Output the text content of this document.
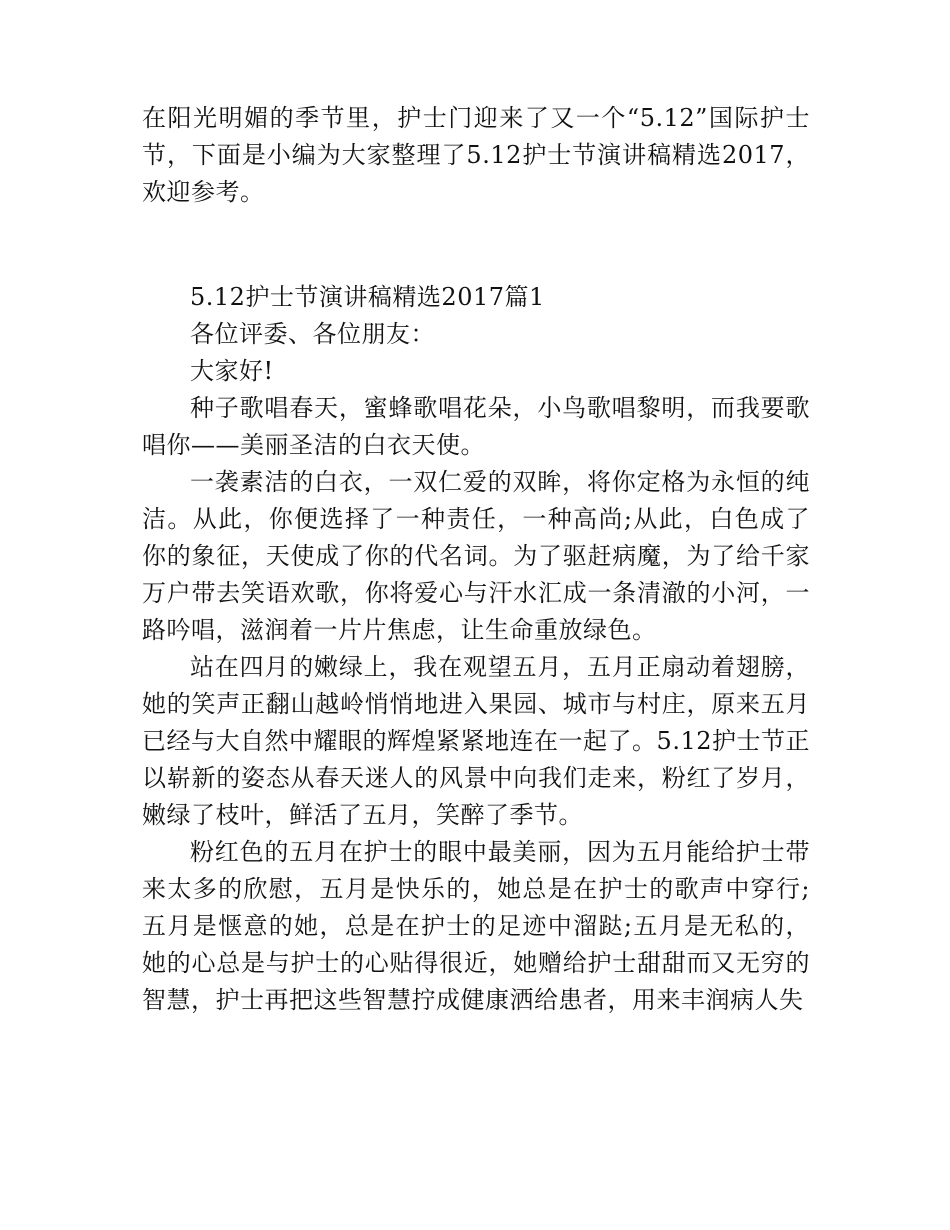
在阳光明媚的季节里，护士门迎来了又一个“5.12”国际护士节，下面是小编为大家整理了5.12护士节演讲稿精选2017，欢迎参考。

5.12护士节演讲稿精选2017篇1

各位评委、各位朋友：

大家好!

种子歌唱春天，蜜蜂歌唱花朵，小鸟歌唱黎明，而我要歌唱你——美丽圣洁的白衣天使。

一袭素洁的白衣，一双仁爱的双眸，将你定格为永恒的纯洁。从此，你便选择了一种责任，一种高尚;从此，白色成了你的象征，天使成了你的代名词。为了驱赶病魔，为了给千家万户带去笑语欢歌，你将爱心与汗水汇成一条清澈的小河，一路吟唱，滋润着一片片焦虑，让生命重放绿色。

站在四月的嫩绿上，我在观望五月，五月正扇动着翅膀，她的笑声正翻山越岭悄悄地进入果园、城市与村庄，原来五月已经与大自然中耀眼的辉煌紧紧地连在一起了。5.12护士节正以崭新的姿态从春天迷人的风景中向我们走来，粉红了岁月，嫩绿了枝叶，鲜活了五月，笑醉了季节。

粉红色的五月在护士的眼中最美丽，因为五月能给护士带来太多的欣慰，五月是快乐的，她总是在护士的歌声中穿行;五月是惬意的她，总是在护士的足迹中溜跶;五月是无私的，她的心总是与护士的心贴得很近，她赠给护士甜甜而又无穷的智慧，护士再把这些智慧拧成健康洒给患者，用来丰润病人失
